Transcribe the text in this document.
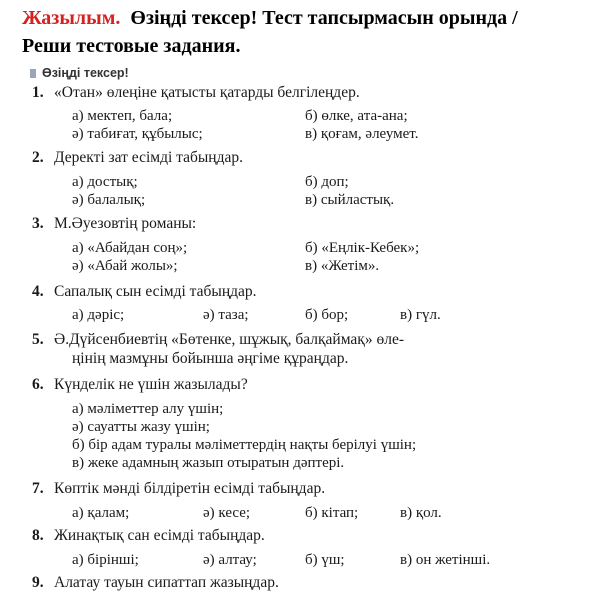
Жазылым. Өзіңді тексер! Тест тапсырмасын орында /
Реши тестовые задания.
Өзіңді тексер!
1. «Отан» өлеңіне қатысты қатарды белгілеңдер.
а) мектеп, бала;	б) өлке, ата-ана;
ә) табиғат, құбылыс;	в) қоғам, әлеумет.
2. Деректі зат есімді табыңдар.
а) достық;	б) доп;
ә) балалық;	в) сыйластық.
3. М.Әуезовтің романы:
а) «Абайдан соң»;	б) «Еңлік-Кебек»;
ә) «Абай жолы»;	в) «Жетім».
4. Сапалық сын есімді табыңдар.
а) дәріс;	ә) таза;	б) бор;	в) гүл.
5. Ә.Дүйсенбиевтің «Бөтенке, шұжық, балқаймақ» өле-
ңінің мазмұны бойынша әңгіме құраңдар.
6. Күнделік не үшін жазылады?
а) мәліметтер алу үшін;
ә) сауатты жазу үшін;
б) бір адам туралы мәліметтердің нақты берілуі үшін;
в) жеке адамның жазып отыратын дәптері.
7. Көптік мәнді білдіретін есімді табыңдар.
а) қалам;	ә) кесе;	б) кітап;	в) қол.
8. Жинақтық сан есімді табыңдар.
а) бірінші;	ә) алтау;	б) үш;	в) он жетінші.
9. Алатау тауын сипаттап жазыңдар.
